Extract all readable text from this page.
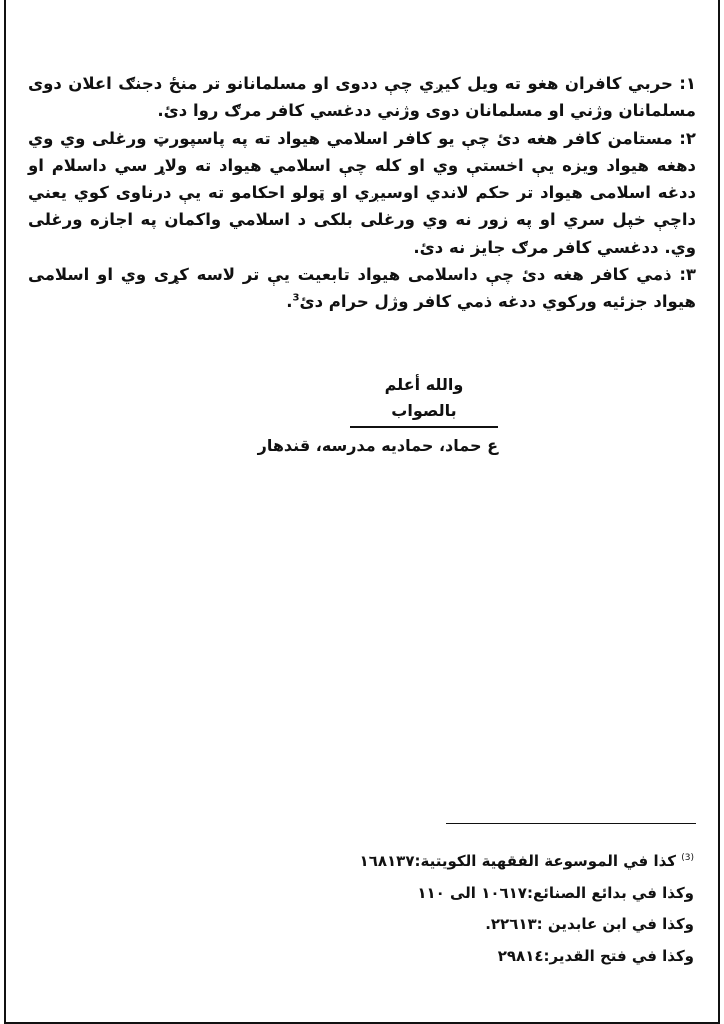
۱: حربي کافران هغو ته ویل کیږي چې ددوی او مسلمانانو تر منځ دجنګ اعلان دوی مسلمانان وژني او مسلمانان دوی وژني ددغسي کافر مرګ روا دئ.

۲: مستامن کافر هغه دئ چې یو کافر اسلامي هیواد ته په پاسپورټ ورغلی وي وي دهغه هیواد ویزه یې اخستې وي او کله چې اسلامي هیواد ته ولاړ سي داسلام او ددغه اسلامی هیواد تر حکم لاندي اوسیږي او ټولو احکامو ته یې درناوی کوي یعني داچې خپل سري او په زور نه وي ورغلی بلکی د اسلامي واکمان په اجازه ورغلی وي. ددغسي کافر مرګ جایز نه دئ.

۳: ذمي کافر هغه دئ چې داسلامی هیواد تابعیت یې تر لاسه کړی وي او اسلامی هیواد جزئیه ورکوي ددغه ذمي کافر وژل حرام دئ$^3$.

والله أعلم بالصواب
ع حماد، حمادیه مدرسه، قندهار

$^{(3)}$ كذا في الموسوعة الفقهية الكويتية:١٦٨١٣٧

وكذا في بدائع الصنائع:١٠٦١٧ الى ١١٠

وكذا في ابن عابدين :٢٢٦١٣.

وكذا في فتح القدير:٢٩٨١٤
